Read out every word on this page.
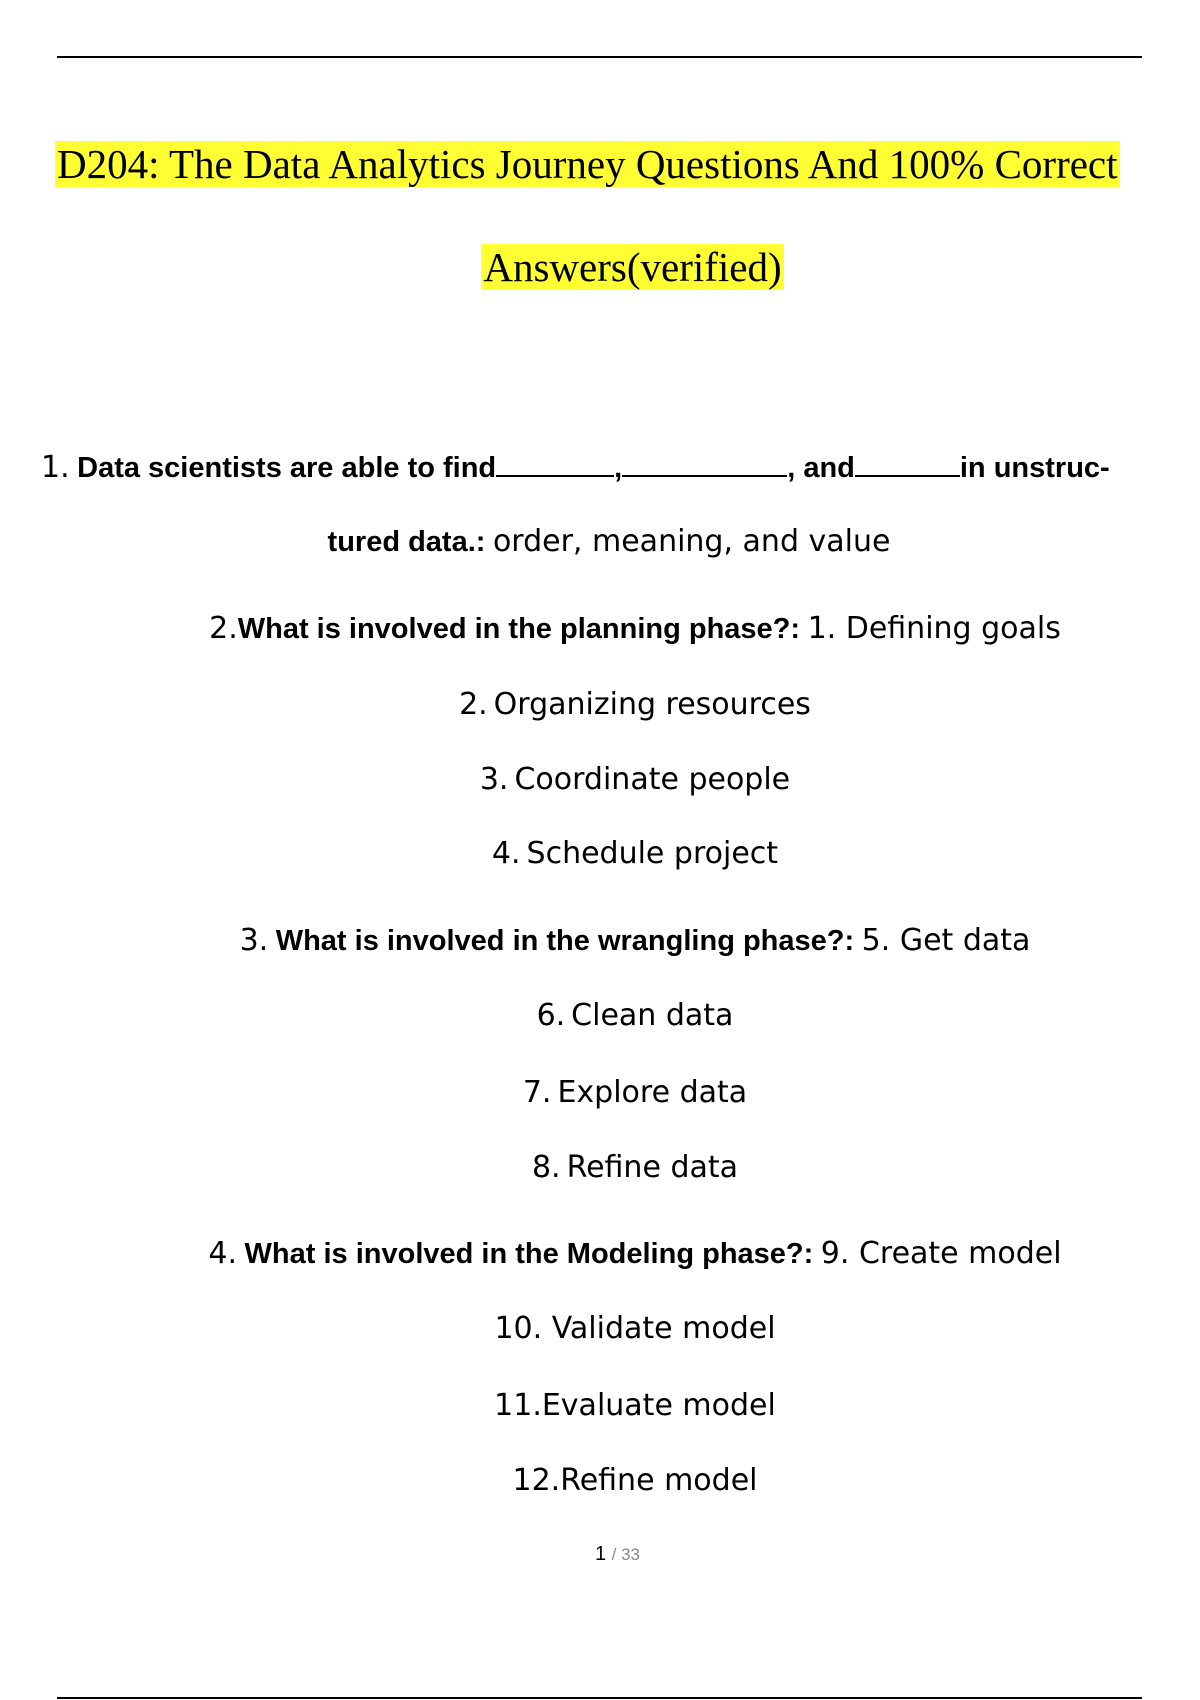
D204: The Data Analytics Journey Questions And 100% Correct
Answers(verified)
1. Data scientists are able to find	,	, and	in unstruc-
tured data.: order, meaning, and value
2.What is involved in the planning phase?: 1. Defining goals
2. Organizing resources
3. Coordinate people
4. Schedule project
3. What is involved in the wrangling phase?: 5. Get data
6. Clean data
7. Explore data
8. Refine data
4. What is involved in the Modeling phase?: 9. Create model
10. Validate model
11.Evaluate model
12.Refine model
1 / 33
